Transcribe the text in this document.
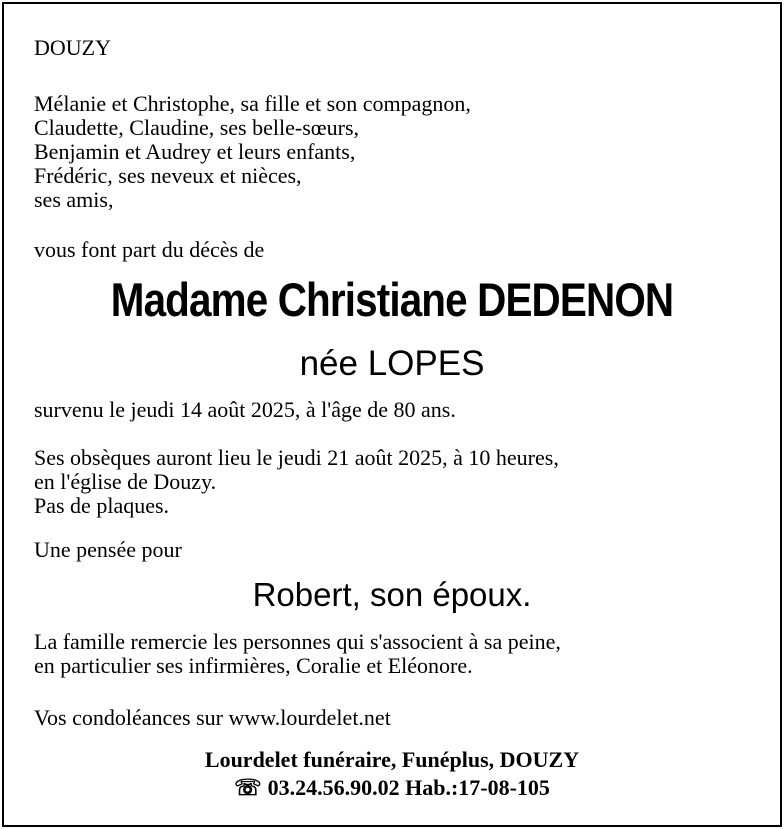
DOUZY
Mélanie et Christophe, sa fille et son compagnon,
Claudette, Claudine, ses belle-sœurs,
Benjamin et Audrey et leurs enfants,
Frédéric, ses neveux et nièces,
ses amis,
vous font part du décès de
Madame Christiane DEDENON
née LOPES
survenu le jeudi 14 août 2025, à l'âge de 80 ans.
Ses obsèques auront lieu le jeudi 21 août 2025, à 10 heures,
en l'église de Douzy.
Pas de plaques.
Une pensée pour
Robert, son époux.
La famille remercie les personnes qui s'associent à sa peine,
en particulier ses infirmières, Coralie et Eléonore.
Vos condoléances sur www.lourdelet.net
Lourdelet funéraire, Funéplus, DOUZY
☏ 03.24.56.90.02 Hab.:17-08-105
